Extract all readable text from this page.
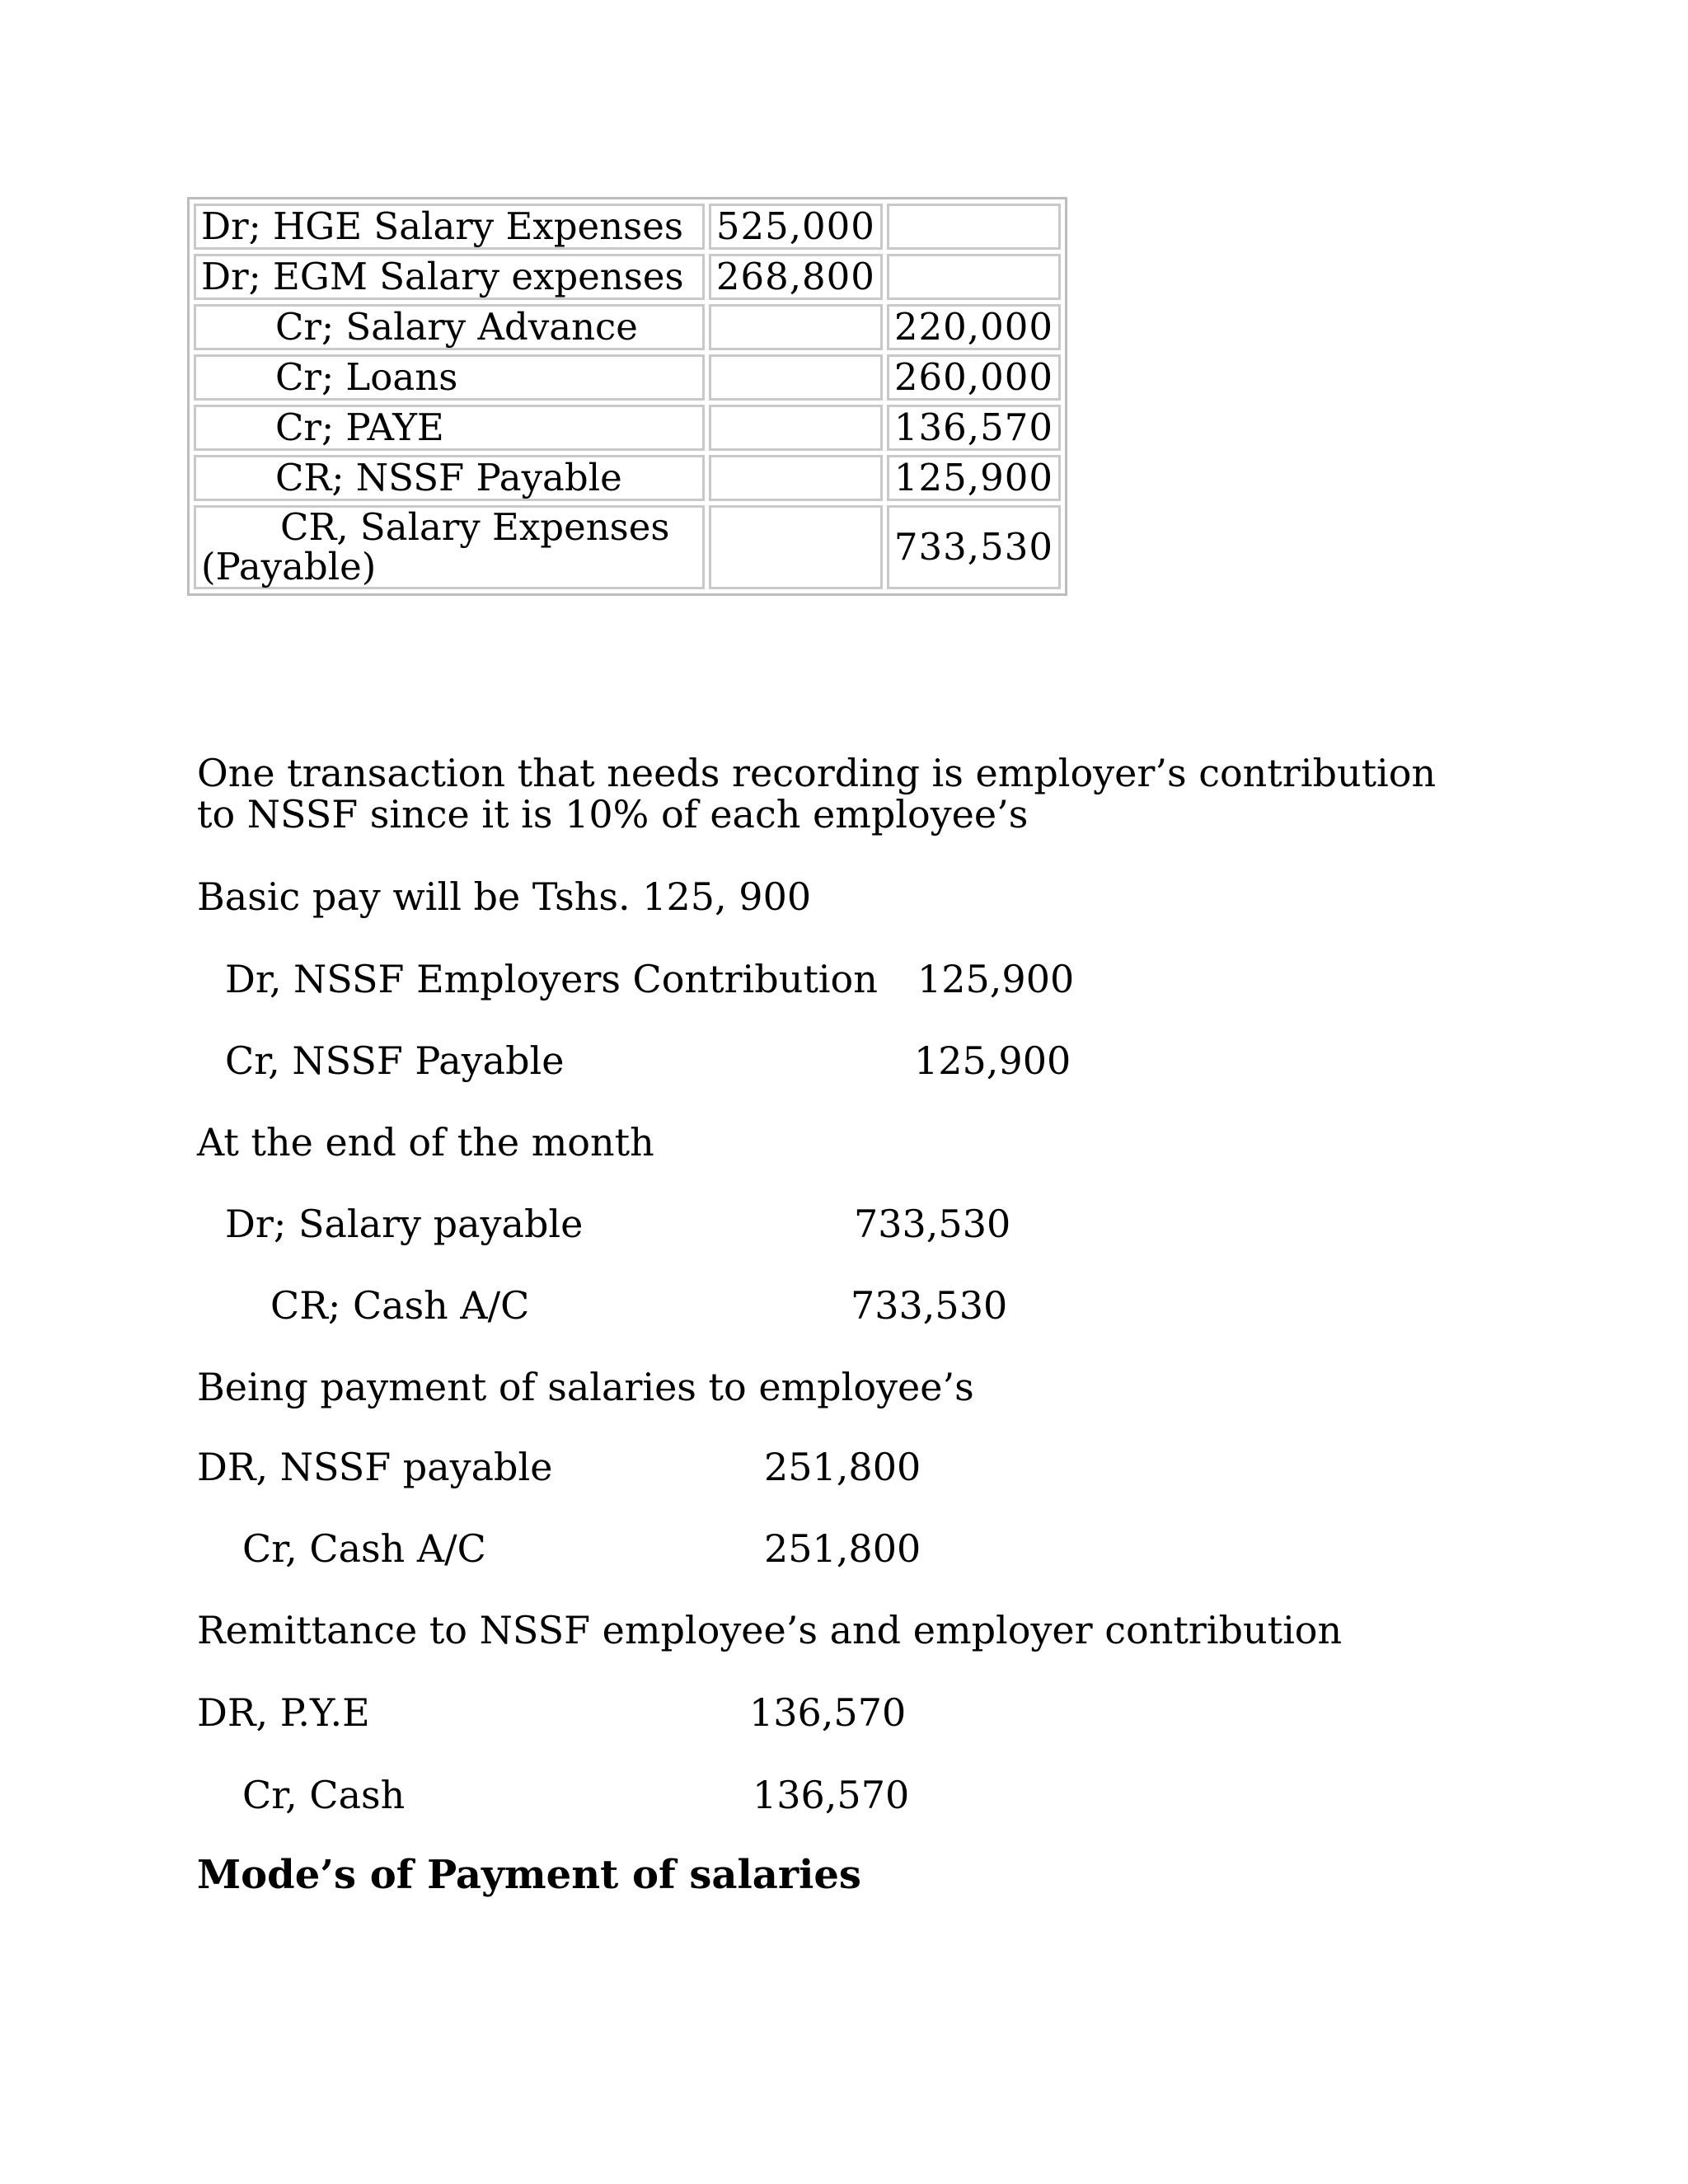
Dr; HGE Salary Expenses	525,000	
Dr; EGM Salary expenses	268,800	
Cr; Salary Advance		220,000
Cr; Loans		260,000
Cr; PAYE		136,570
CR; NSSF Payable		125,900
CR, Salary Expenses (Payable)		733,530
One transaction that needs recording is employer’s contribution to NSSF since it is 10% of each employee’s
Basic pay will be Tshs. 125, 900
Dr, NSSF Employers Contribution 125,900
Cr, NSSF Payable	125,900
At the end of the month
Dr; Salary payable	733,530
CR; Cash A/C	733,530
Being payment of salaries to employee’s
DR, NSSF payable	251,800
Cr, Cash A/C	251,800
Remittance to NSSF employee’s and employer contribution
DR, P.Y.E	136,570
Cr, Cash	136,570
Mode’s of Payment of salaries
